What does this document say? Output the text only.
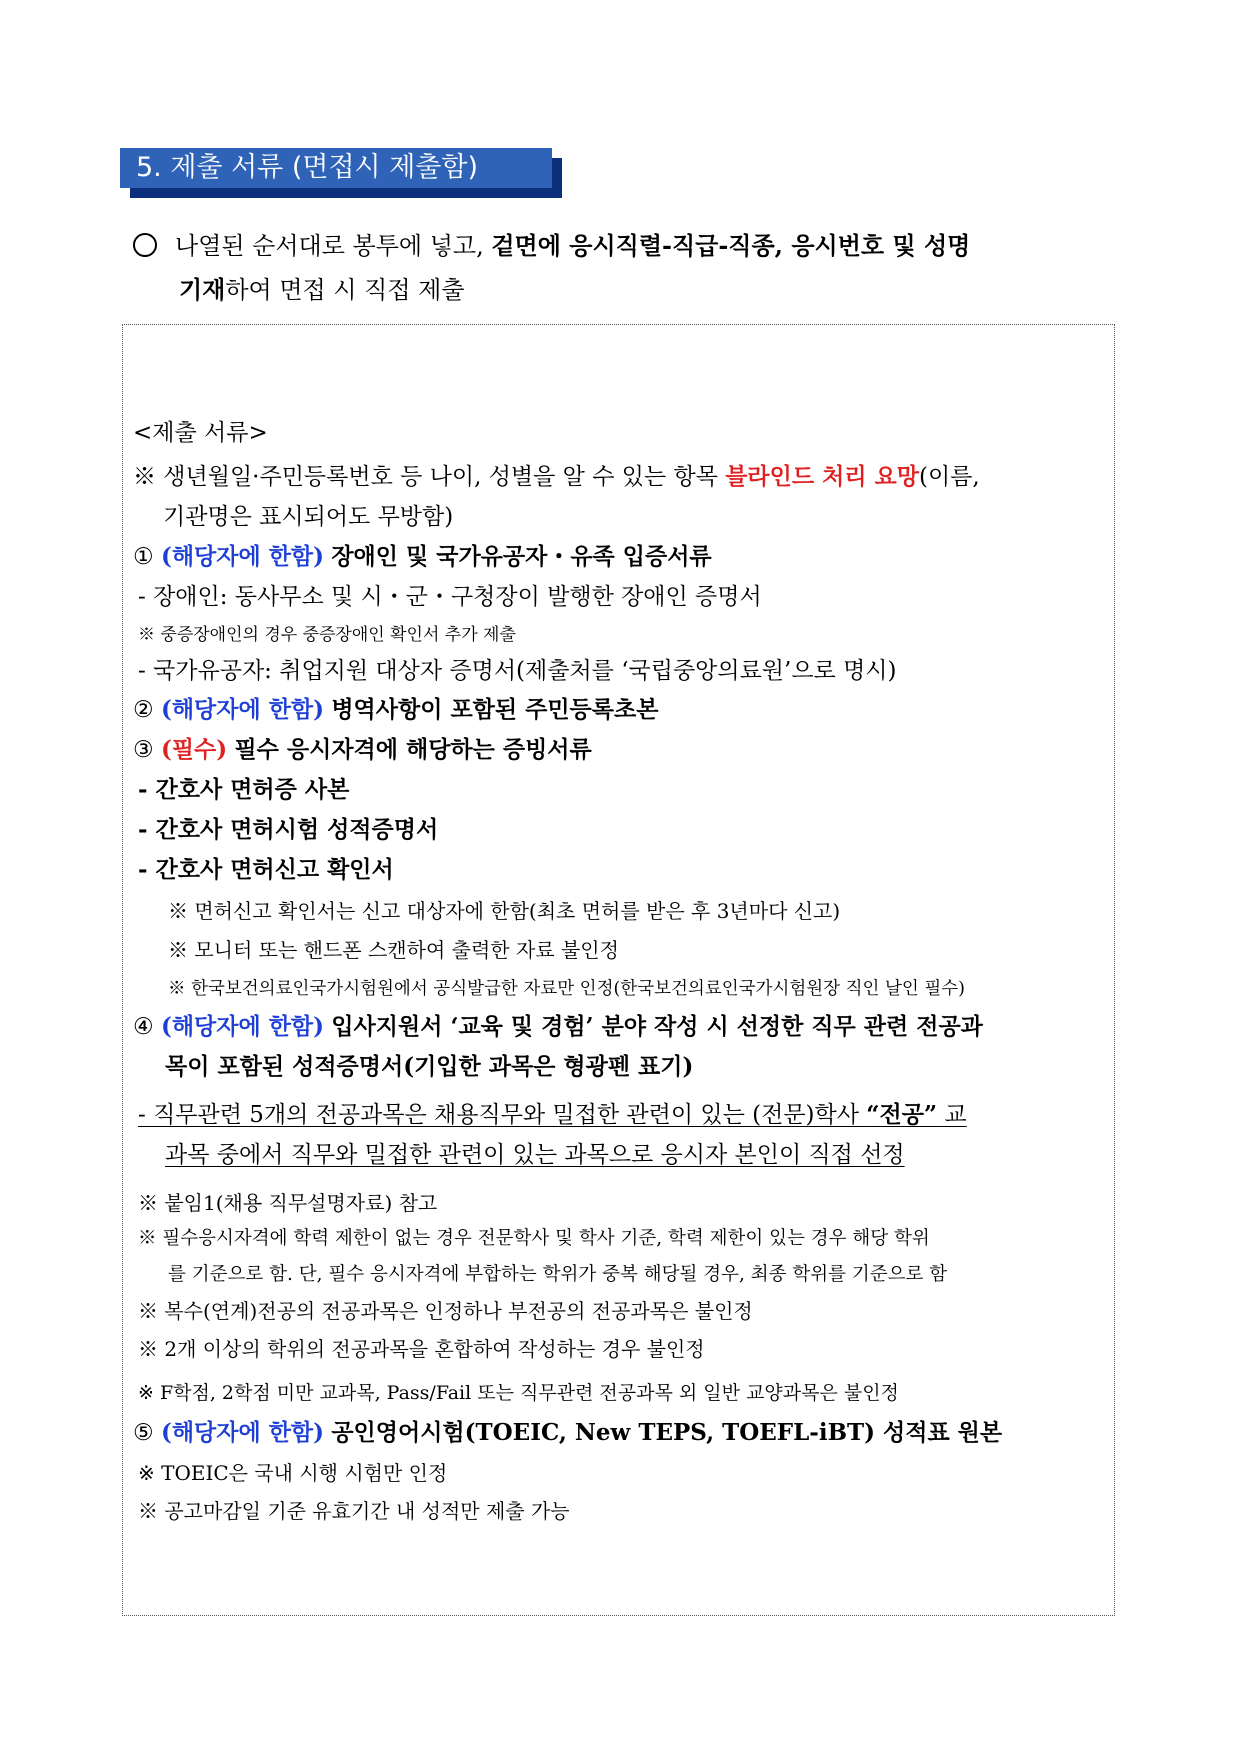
5. 제출 서류 (면접시 제출함)
나열된 순서대로 봉투에 넣고, 겉면에 응시직렬-직급-직종, 응시번호 및 성명
기재하여 면접 시 직접 제출
<제출 서류>
※ 생년월일·주민등록번호 등 나이, 성별을 알 수 있는 항목 블라인드 처리 요망(이름,
기관명은 표시되어도 무방함)
① (해당자에 한함) 장애인 및 국가유공자・유족 입증서류
- 장애인: 동사무소 및 시・군・구청장이 발행한 장애인 증명서
※ 중증장애인의 경우 중증장애인 확인서 추가 제출
- 국가유공자: 취업지원 대상자 증명서(제출처를 ‘국립중앙의료원’으로 명시)
② (해당자에 한함) 병역사항이 포함된 주민등록초본
③ (필수) 필수 응시자격에 해당하는 증빙서류
- 간호사 면허증 사본
- 간호사 면허시험 성적증명서
- 간호사 면허신고 확인서
※ 면허신고 확인서는 신고 대상자에 한함(최초 면허를 받은 후 3년마다 신고)
※ 모니터 또는 핸드폰 스캔하여 출력한 자료 불인정
※ 한국보건의료인국가시험원에서 공식발급한 자료만 인정(한국보건의료인국가시험원장 직인 날인 필수)
④ (해당자에 한함) 입사지원서 ‘교육 및 경험’ 분야 작성 시 선정한 직무 관련 전공과
목이 포함된 성적증명서(기입한 과목은 형광펜 표기)
- 직무관련 5개의 전공과목은 채용직무와 밀접한 관련이 있는 (전문)학사 “전공” 교
과목 중에서 직무와 밀접한 관련이 있는 과목으로 응시자 본인이 직접 선정
※ 붙임1(채용 직무설명자료) 참고
※ 필수응시자격에 학력 제한이 없는 경우 전문학사 및 학사 기준, 학력 제한이 있는 경우 해당 학위
를 기준으로 함. 단, 필수 응시자격에 부합하는 학위가 중복 해당될 경우, 최종 학위를 기준으로 함
※ 복수(연계)전공의 전공과목은 인정하나 부전공의 전공과목은 불인정
※ 2개 이상의 학위의 전공과목을 혼합하여 작성하는 경우 불인정
※ F학점, 2학점 미만 교과목, Pass/Fail 또는 직무관련 전공과목 외 일반 교양과목은 불인정
⑤ (해당자에 한함) 공인영어시험(TOEIC, New TEPS, TOEFL-iBT) 성적표 원본
※ TOEIC은 국내 시행 시험만 인정
※ 공고마감일 기준 유효기간 내 성적만 제출 가능
